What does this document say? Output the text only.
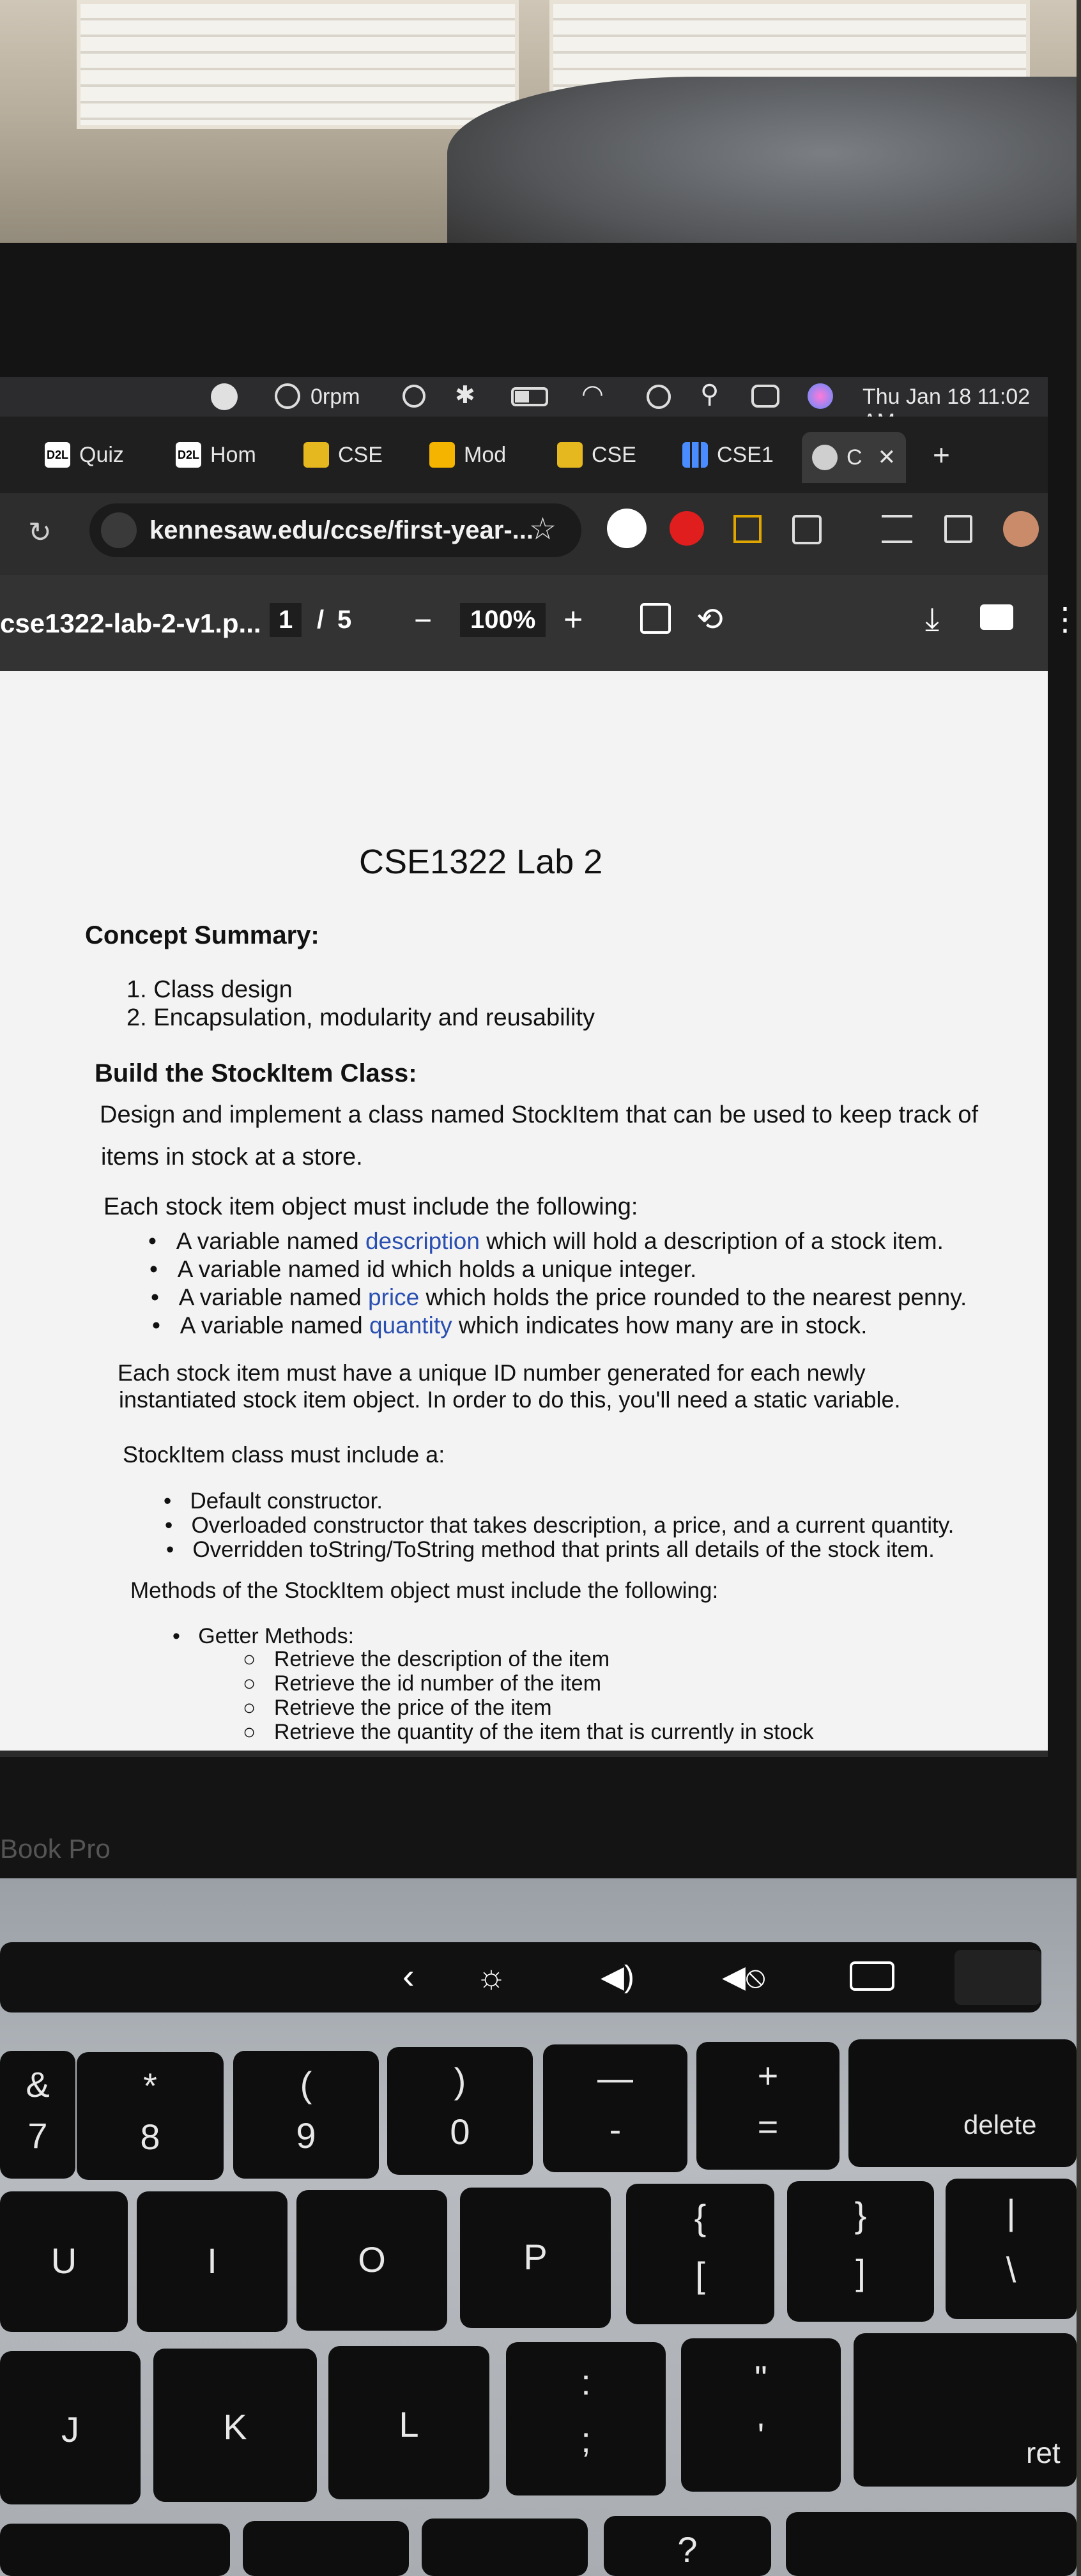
0rpm	✱	◠	⚲	Thu Jan 18 11:02
D2L Quiz	D2L Hom	CSE	Mod	CSE	CSE1	C ✕ +
↻	kennesaw.edu/ccse/first-year-...
☆
cse1322-lab-2-v1.p... 1 / 5 −	100% +	⟲	⤓	⋮
CSE1322 Lab 2
Concept Summary:
1. Class design
2. Encapsulation, modularity and reusability
Build the StockItem Class:
Design and implement a class named StockItem that can be used to keep track of
items in stock at a store.
Each stock item object must include the following:
•   A variable named description which will hold a description of a stock item.
•   A variable named id which holds a unique integer.
•   A variable named price which holds the price rounded to the nearest penny.
•   A variable named quantity which indicates how many are in stock.
Each stock item must have a unique ID number generated for each newly
instantiated stock item object. In order to do this, you'll need a static variable.
StockItem class must include a:
•   Default constructor.
•   Overloaded constructor that takes description, a price, and a current quantity.
•   Overridden toString/ToString method that prints all details of the stock item.
Methods of the StockItem object must include the following:
•   Getter Methods:
○   Retrieve the description of the item
○   Retrieve the id number of the item
○   Retrieve the price of the item
○   Retrieve the quantity of the item that is currently in stock
Book Pro
‹ ☼	◀)	◀⦸
&
7
*
8
(
9
)
0
—
-
+
=	delete
U	I	O	P
{
[
}
]
|
\
J	K	L
:
;
"
'	ret
?
